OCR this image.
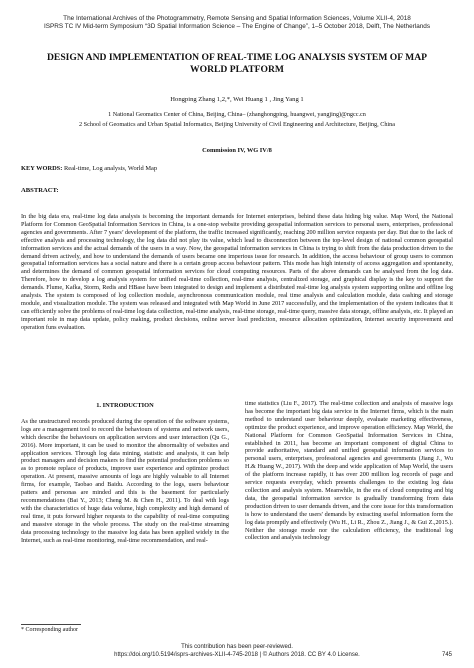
The International Archives of the Photogrammetry, Remote Sensing and Spatial Information Sciences, Volume XLII-4, 2018
ISPRS TC IV Mid-term Symposium “3D Spatial Information Science – The Engine of Change”, 1–5 October 2018, Delft, The Netherlands
DESIGN AND IMPLEMENTATION OF REAL-TIME LOG ANALYSIS SYSTEM OF MAP WORLD PLATFORM
Hongping Zhang 1,2,*, Wei Huang 1 , Jing Yang 1
1 National Geomatics Center of China, Beijing, China– (zhanghongping, huangwei, yangjing)@ngcc.cn
2 School of Geomatics and Urban Spatial Informatics, Beijing University of Civil Engineering and Architecture, Beijing, China
Commission IV, WG IV/8
KEY WORDS: Real-time, Log analysis, World Map
ABSTRACT:
In the big data era, real-time log data analysis is becoming the important demands for Internet enterprises, behind these data hiding big value. Map Word, the National Platform for Common GeoSpatial Information Services in China, is a one-stop website providing geospatial information services to personal users, enterprises, professional agencies and governments. After 7 years’ development of the platform, the traffic increased significantly, reaching 200 million service requests per day. But due to the lack of effective analysis and processing technology, the log data did not play its value, which lead to disconnection between the top-level design of national common geospatial information services and the actual demands of the users in a way. Now, the geospatial information services in China is trying to shift from the data production driven to the demand driven actively, and how to understand the demands of users became one imperious issue for research. In addition, the access behaviour of group users to common geospatial information services has a social nature and there is a certain group access behaviour pattern. This mode has high intensity of access aggregation and spontaneity, and determines the demand of common geospatial information services for cloud computing resources. Parts of the above demands can be analysed from the log data. Therefore, how to develop a log analysis system for unified real-time collection, real-time analysis, centralized storage, and graphical display is the key to support the demands. Flume, Kafka, Storm, Redis and HBase have been integrated to design and implement a distributed real-time log analysis system supporting online and offline log analysis. The system is composed of log collection module, asynchronous communication module, real time analysis and calculation module, data cashing and storage module, and visualization module. The system was released and integrated with Map World in June 2017 successfully, and the implementation of the system indicates that it can efficiently solve the problems of real-time log data collection, real-time analysis, real-time storage, real-time query, massive data storage, offline analysis, etc. It played an important role in map data update, policy making, product decisions, online server load prediction, resource allocation optimization, Internet security improvement and operation funs evaluation.
1. INTRODUCTION
As the unstructured records produced during the operation of the software systems, logs are a management tool to record the behaviours of systems and network users, which describe the behaviours on application services and user interaction (Qu G., 2016). More important, it can be used to monitor the abnormality of websites and application services. Through log data mining, statistic and analysis, it can help product managers and decision makers to find the potential production problems so as to promote replace of products, improve user experience and optimize product operation. At present, massive amounts of logs are highly valuable to all Internet firms, for example, Taobao and Baidu. According to the logs, users behaviour patters and personas are minded and this is the basement for particularly recommendations (Bai Y., 2013; Cheng M. & Chen H., 2011). To deal with logs with the characteristics of huge data volume, high complexity and high demand of real time, it puts forward higher requests to the capability of real-time computing and massive storage in the whole process. The study on the real-time streaming data processing technology to the massive log data has been applied widely in the Internet, such as real-time monitoring, real-time recommendation, and real-
time statistics (Liu F., 2017). The real-time collection and analysis of massive logs has become the important big data service in the Internet firms, which is the main method to understand user behaviour deeply, evaluate marketing effectiveness, optimize the product experience, and improve operation efficiency. Map World, the National Platform for Common GeoSpatial Information Services in China, established in 2011, has become an important component of digital China to provide authoritative, standard and unified geospatial information services to personal users, enterprises, professional agencies and governments (Jiang J., Wu H.& Huang W., 2017). With the deep and wide application of Map World, the users of the platform increase rapidly, it has over 200 million log records of page and service requests everyday, which presents challenges to the existing log data collection and analysis system. Meanwhile, in the era of cloud computing and big data, the geospatial information service is gradually transforming from data production driven to user demands driven, and the core issue for this transformation is how to understand the users' demands by extracting useful information form the log data promptly and effectively (Wu H., Li R., Zhou Z., Jiang J., & Gui Z.,2015.). Neither the storage mode nor the calculation efficiency, the traditional log collection and analysis technology
* Corresponding author
This contribution has been peer-reviewed.
https://doi.org/10.5194/isprs-archives-XLII-4-745-2018 | © Authors 2018. CC BY 4.0 License.	745
